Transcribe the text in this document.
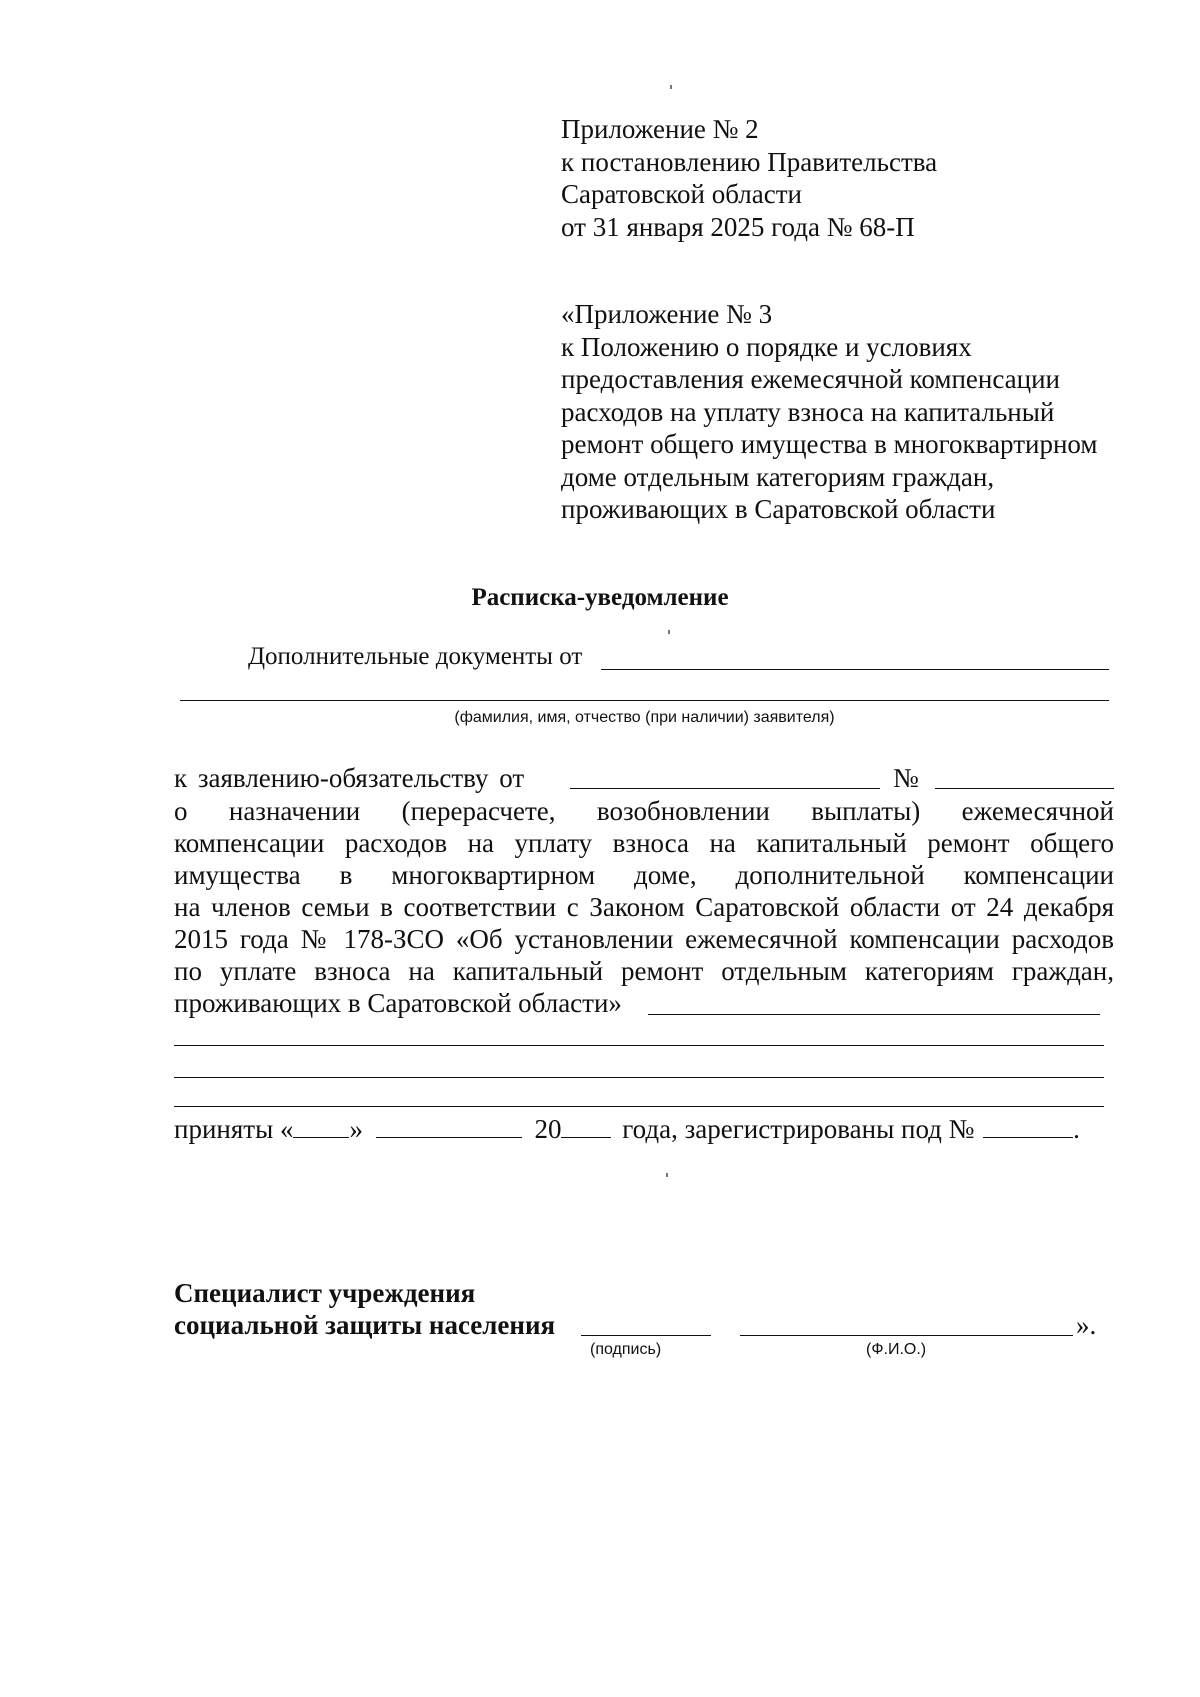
Приложение № 2
к постановлению Правительства
Саратовской области
от 31 января 2025 года № 68-П
«Приложение № 3
к Положению о порядке и условиях
предоставления ежемесячной компенсации
расходов на уплату взноса на капитальный
ремонт общего имущества в многоквартирном
доме отдельным категориям граждан,
проживающих в Саратовской области
Расписка-уведомление
Дополнительные документы от
(фамилия, имя, отчество (при наличии) заявителя)
к заявлению-обязательству от	№
о назначении (перерасчете, возобновлении выплаты) ежемесячной
компенсации расходов на уплату взноса на капитальный ремонт общего
имущества в многоквартирном доме, дополнительной компенсации
на членов семьи в соответствии с Законом Саратовской области от 24 декабря
2015 года № 178-ЗСО «Об установлении ежемесячной компенсации расходов
по уплате взноса на капитальный ремонт отдельным категориям граждан,
проживающих в Саратовской области»
приняты « »	20 года, зарегистрированы под №	.
Специалист учреждения
социальной защиты населения	».
(подпись)	(Ф.И.О.)
